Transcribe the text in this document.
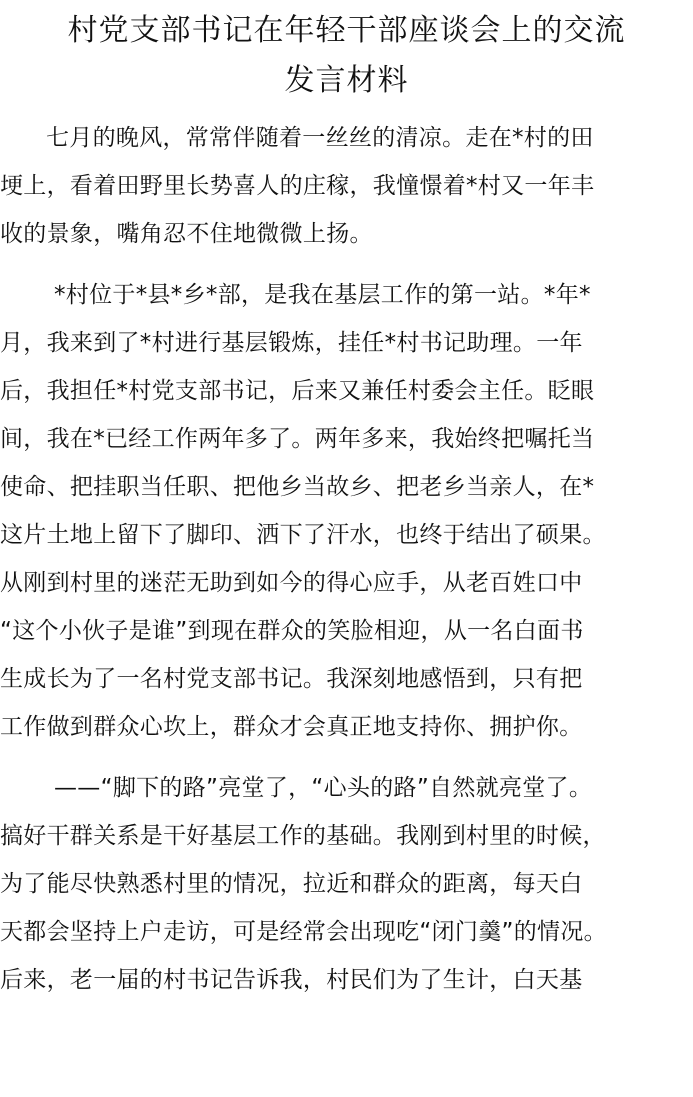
村党支部书记在年轻干部座谈会上的交流
发言材料

七月的晚风，常常伴随着一丝丝的清凉。走在*村的田
埂上，看着田野里长势喜人的庄稼，我憧憬着*村又一年丰
收的景象，嘴角忍不住地微微上扬。

*村位于*县*乡*部，是我在基层工作的第一站。*年*
月，我来到了*村进行基层锻炼，挂任*村书记助理。一年
后，我担任*村党支部书记，后来又兼任村委会主任。眨眼
间，我在*已经工作两年多了。两年多来，我始终把嘱托当
使命、把挂职当任职、把他乡当故乡、把老乡当亲人，在*
这片土地上留下了脚印、洒下了汗水，也终于结出了硕果。
从刚到村里的迷茫无助到如今的得心应手，从老百姓口中
“这个小伙子是谁”到现在群众的笑脸相迎，从一名白面书
生成长为了一名村党支部书记。我深刻地感悟到，只有把
工作做到群众心坎上，群众才会真正地支持你、拥护你。

——“脚下的路”亮堂了，“心头的路”自然就亮堂了。
搞好干群关系是干好基层工作的基础。我刚到村里的时候，
为了能尽快熟悉村里的情况，拉近和群众的距离，每天白
天都会坚持上户走访，可是经常会出现吃“闭门羹”的情况。
后来，老一届的村书记告诉我，村民们为了生计，白天基
